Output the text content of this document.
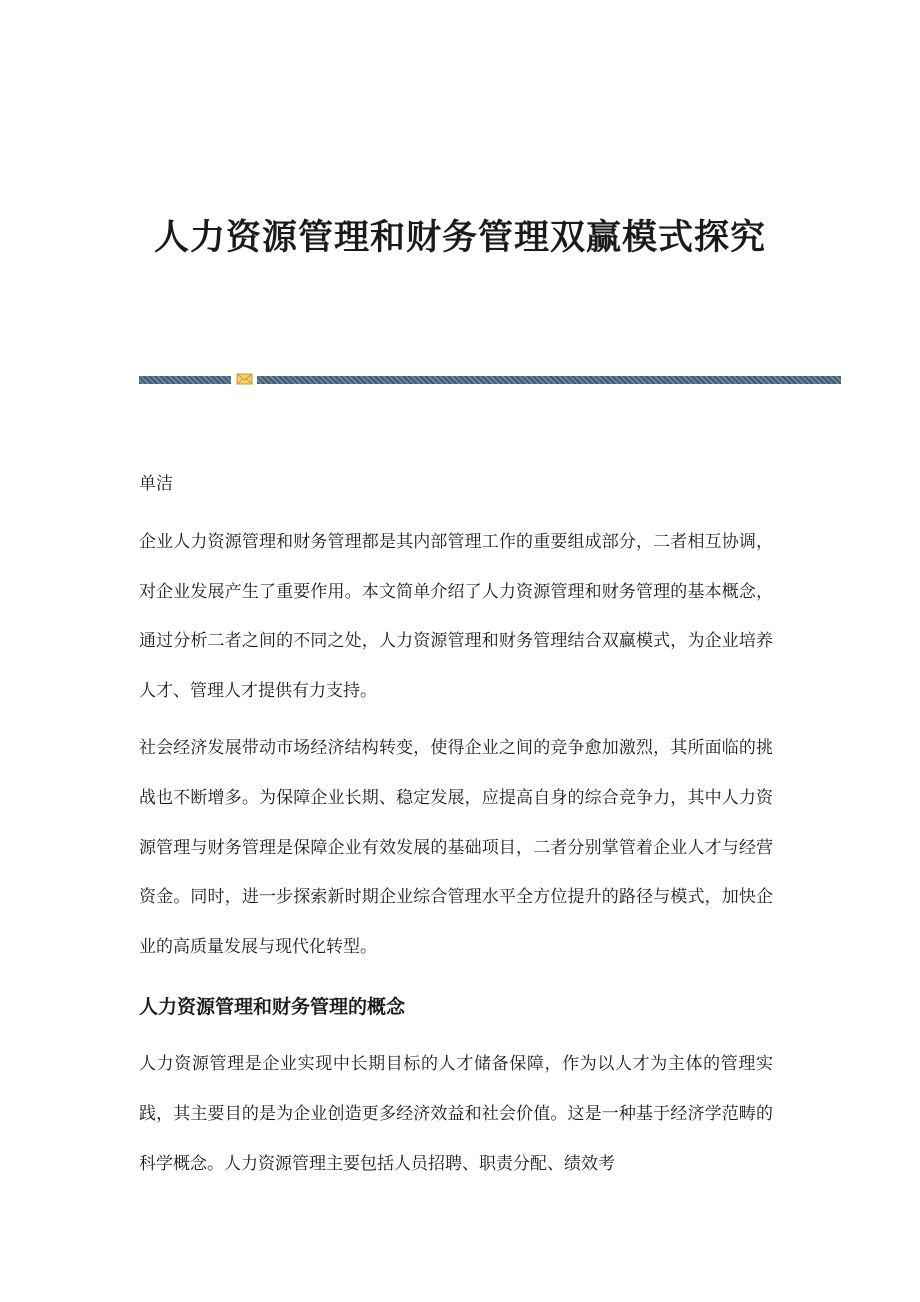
人力资源管理和财务管理双赢模式探究

单洁

企业人力资源管理和财务管理都是其内部管理工作的重要组成部分，二者相互协调，对企业发展产生了重要作用。本文简单介绍了人力资源管理和财务管理的基本概念，通过分析二者之间的不同之处，人力资源管理和财务管理结合双赢模式，为企业培养人才、管理人才提供有力支持。

社会经济发展带动市场经济结构转变，使得企业之间的竞争愈加激烈，其所面临的挑战也不断增多。为保障企业长期、稳定发展，应提高自身的综合竞争力，其中人力资源管理与财务管理是保障企业有效发展的基础项目，二者分别掌管着企业人才与经营资金。同时，进一步探索新时期企业综合管理水平全方位提升的路径与模式，加快企业的高质量发展与现代化转型。

人力资源管理和财务管理的概念

人力资源管理是企业实现中长期目标的人才储备保障，作为以人才为主体的管理实践，其主要目的是为企业创造更多经济效益和社会价值。这是一种基于经济学范畴的科学概念。人力资源管理主要包括人员招聘、职责分配、绩效考
